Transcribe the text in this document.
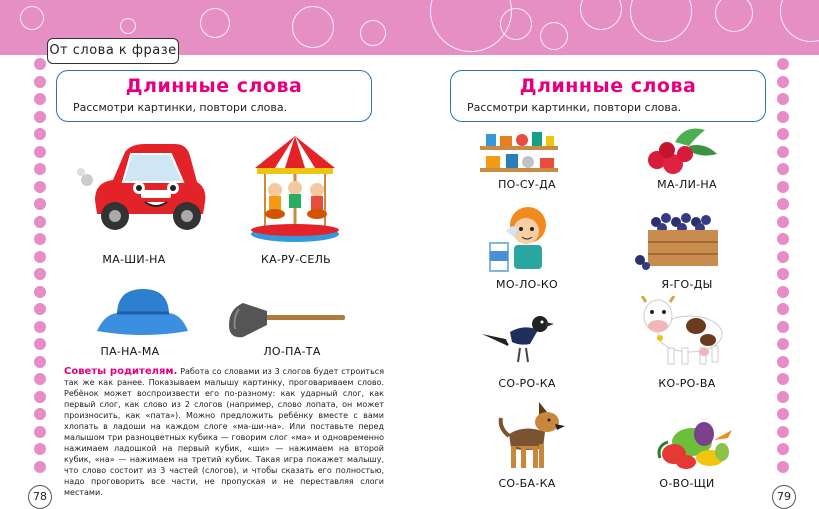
От слова к фразе
Длинные слова
Рассмотри картинки, повтори слова.
Длинные слова
Рассмотри картинки, повтори слова.
МА-ШИ-НА	КА-РУ-СЕЛЬ
ПА-НА-МА	ЛО-ПА-ТА
Советы родителям. Работа со словами из 3 слогов будет строиться так же как ранее. Показываем малышу картинку, проговариваем слово. Ребёнок может воспроизвести его по-разному: как ударный слог, как первый слог, как слово из 2 слогов (например, слово лопата, он может произносить, как «пата»). Можно предложить ребёнку вместе с вами хлопать в ладоши на каждом слоге «ма-ши-на». Или поставьте перед малышом три разноцветных кубика — говорим слог «ма» и одновременно нажимаем ладошкой на первый кубик, «ши» — нажимаем на второй кубик, «на» — нажимаем на третий кубик. Такая игра покажет малышу, что слово состоит из 3 частей (слогов), и чтобы сказать его полностью, надо проговорить все части, не пропуская и не переставляя слоги местами.
ПО-СУ-ДА	МА-ЛИ-НА
МО-ЛО-КО	Я-ГО-ДЫ
СО-РО-КА	КО-РО-ВА
СО-БА-КА	О-ВО-ЩИ
78	79
